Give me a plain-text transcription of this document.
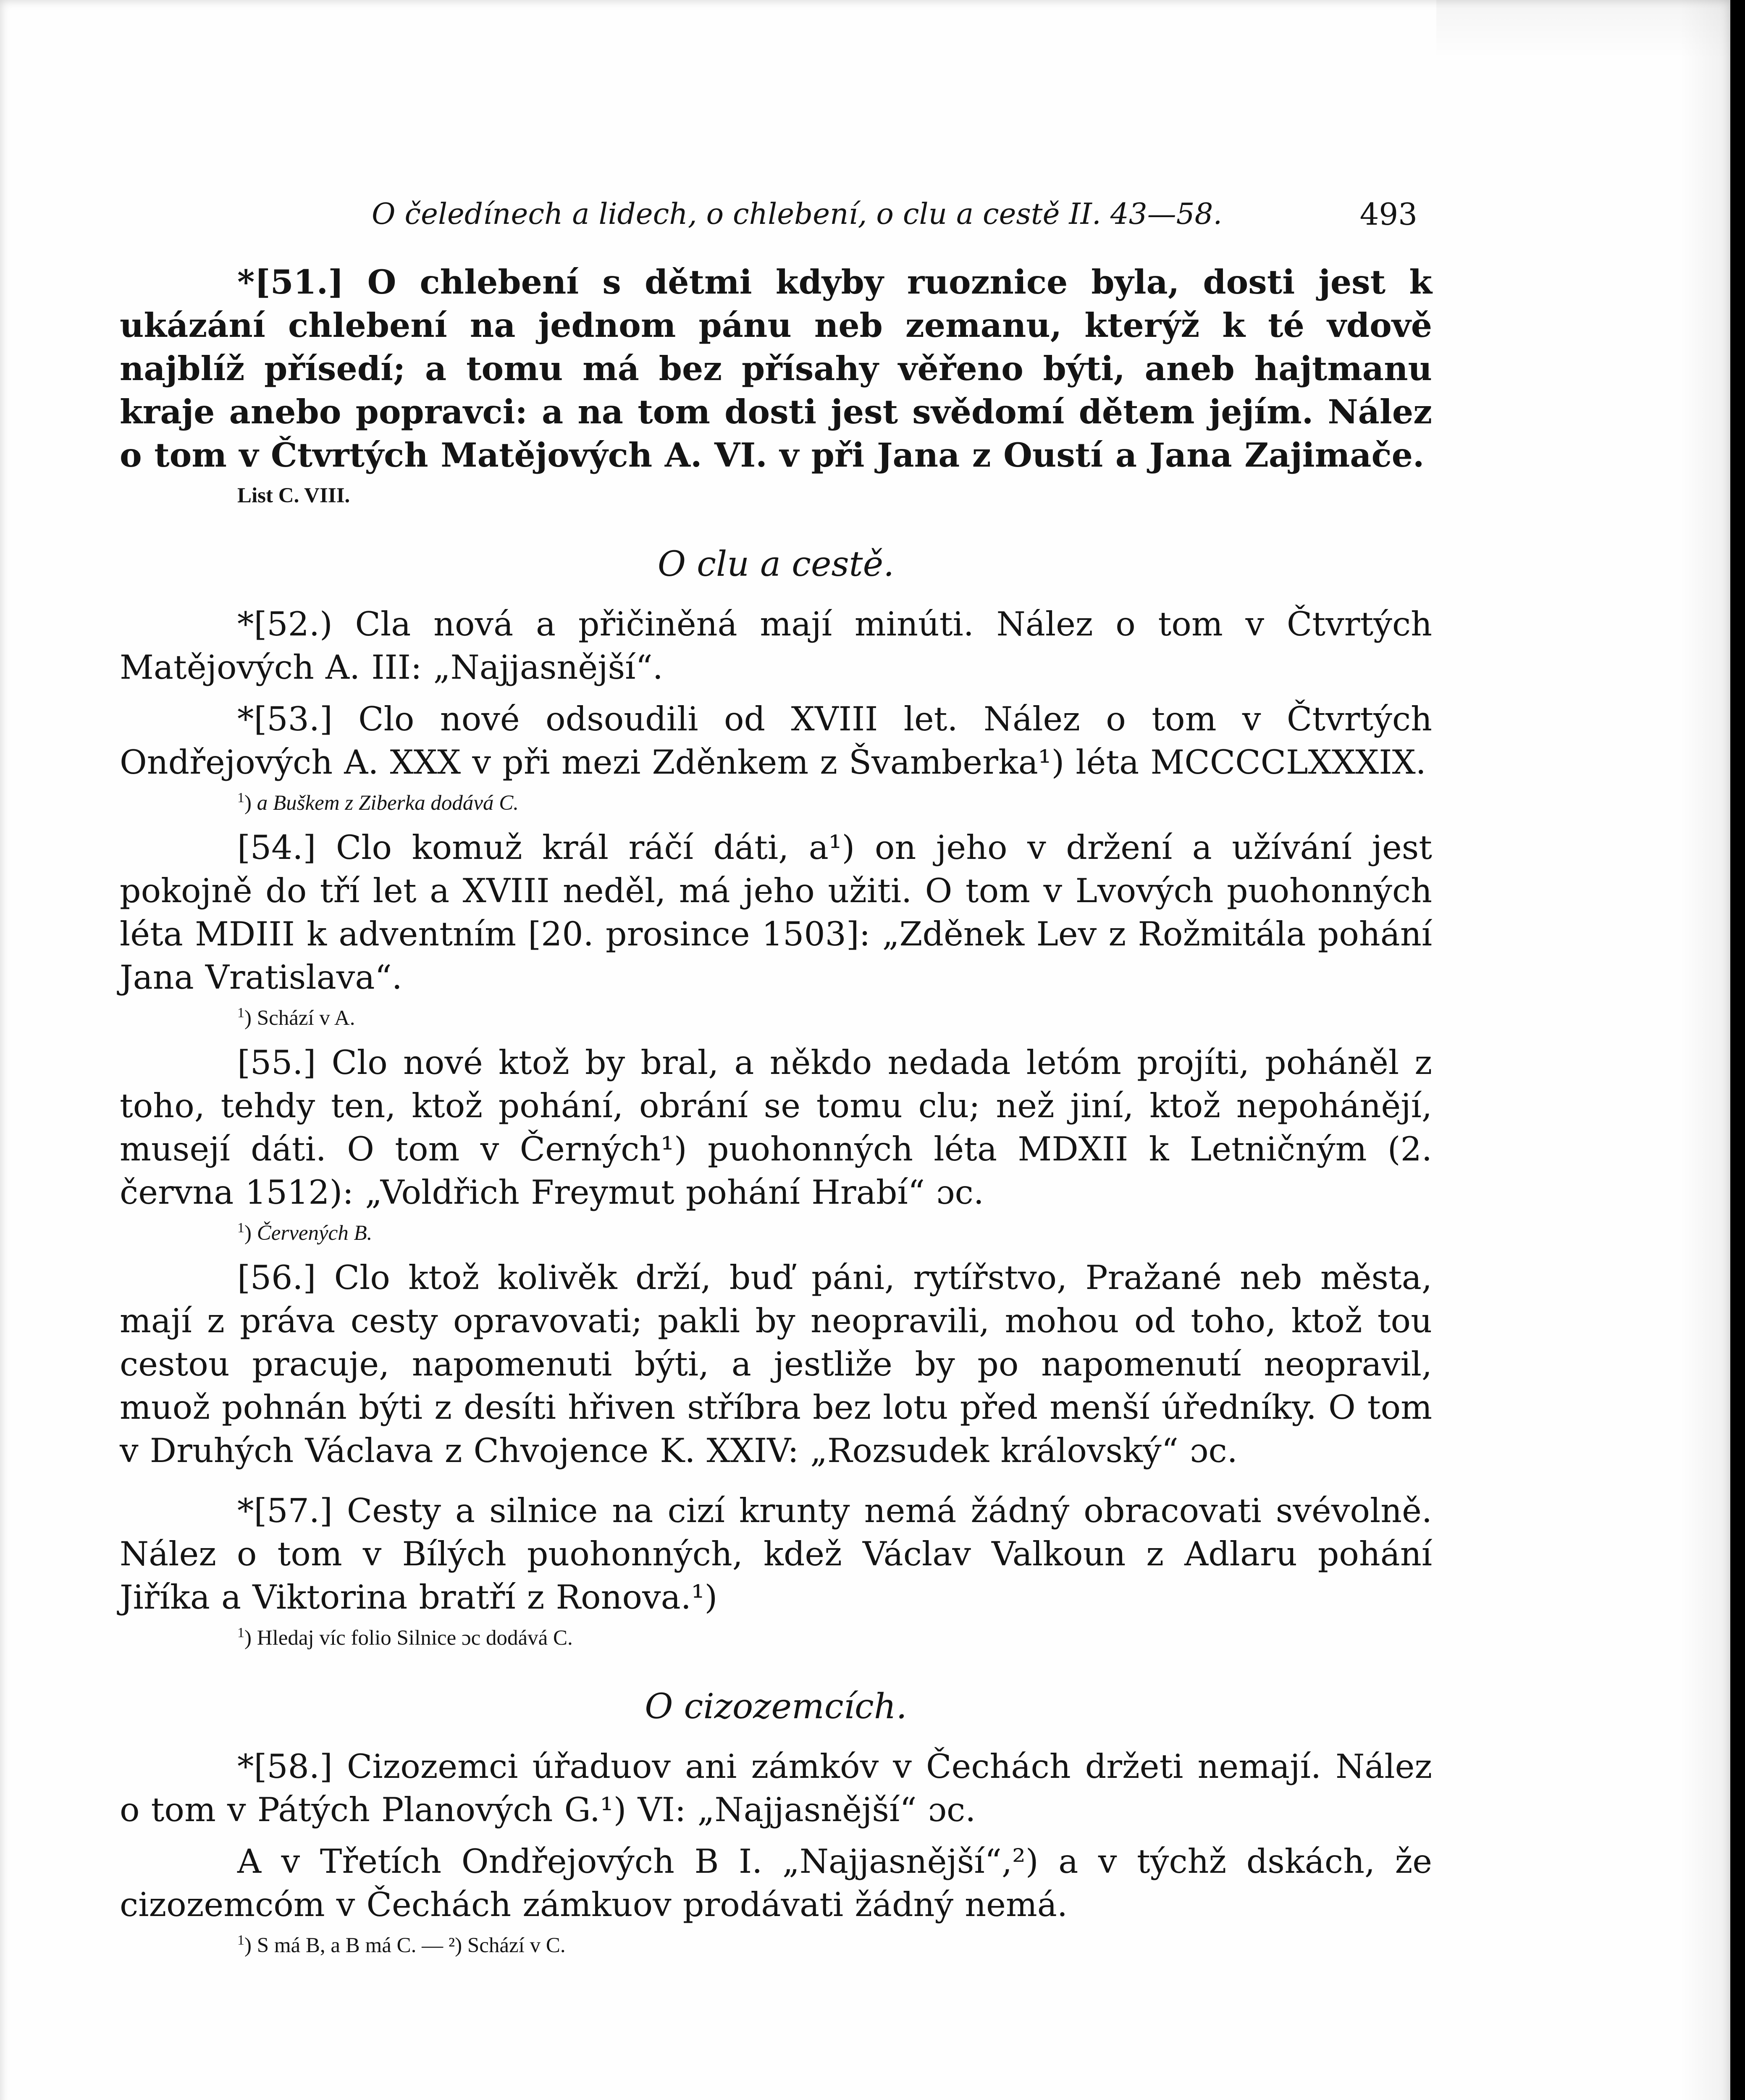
O čeledínech a lidech, o chlebení, o clu a cestě II. 43—58.	493

*[51.] O chlebení s dětmi kdyby ruoznice byla, dosti jest k ukázání chlebení na jednom pánu neb zemanu, kterýž k té vdově najblíž přísedí; a tomu má bez přísahy věřeno býti, aneb hajtmanu kraje anebo popravci: a na tom dosti jest svědomí dětem jejím. Nález o tom v Čtvrtých Matějových A. VI. v při Jana z Oustí a Jana Zajimače.

List C. VIII.
O clu a cestě.

*[52.) Cla nová a přičiněná mají minúti. Nález o tom v Čtvrtých Matějových A. III: „Najjasnější“.

*[53.] Clo nové odsoudili od XVIII let. Nález o tom v Čtvrtých Ondřejových A. XXX v při mezi Zděnkem z Švamberka¹) léta MCCCCLXXXIX.

$^1$) a Buškem z Ziberka dodává C.

[54.] Clo komuž král ráčí dáti, a¹) on jeho v držení a užívání jest pokojně do tří let a XVIII neděl, má jeho užiti. O tom v Lvových puohonných léta MDIII k adventním [20. prosince 1503]: „Zděnek Lev z Rožmitála pohání Jana Vratislava“.

$^1$) Schází v A.

[55.] Clo nové ktož by bral, a někdo nedada letóm projíti, poháněl z toho, tehdy ten, ktož pohání, obrání se tomu clu; než jiní, ktož nepohánějí, musejí dáti. O tom v Černých¹) puohonných léta MDXII k Letničným (2. června 1512): „Voldřich Freymut pohání Hrabí“ ɔc.

$^1$) Červených B.

[56.] Clo ktož kolivěk drží, buď páni, rytířstvo, Pražané neb města, mají z práva cesty opravovati; pakli by neopravili, mohou od toho, ktož tou cestou pracuje, napomenuti býti, a jestliže by po napomenutí neopravil, muož pohnán býti z desíti hřiven stříbra bez lotu před menší úředníky. O tom v Druhých Václava z Chvojence K. XXIV: „Rozsudek královský“ ɔc.

*[57.] Cesty a silnice na cizí krunty nemá žádný obracovati svévolně. Nález o tom v Bílých puohonných, kdež Václav Valkoun z Adlaru pohání Jiříka a Viktorina bratří z Ronova.¹)

$^1$) Hledaj víc folio Silnice ɔc dodává C.
O cizozemcích.

*[58.] Cizozemci úřaduov ani zámkóv v Čechách držeti nemají. Nález o tom v Pátých Planových G.¹) VI: „Najjasnější“ ɔc.

A v Třetích Ondřejových B I. „Najjasnější“,²) a v týchž dskách, že cizozemcóm v Čechách zámkuov prodávati žádný nemá.

$^1$) S má B, a B má C. — ²) Schází v C.
